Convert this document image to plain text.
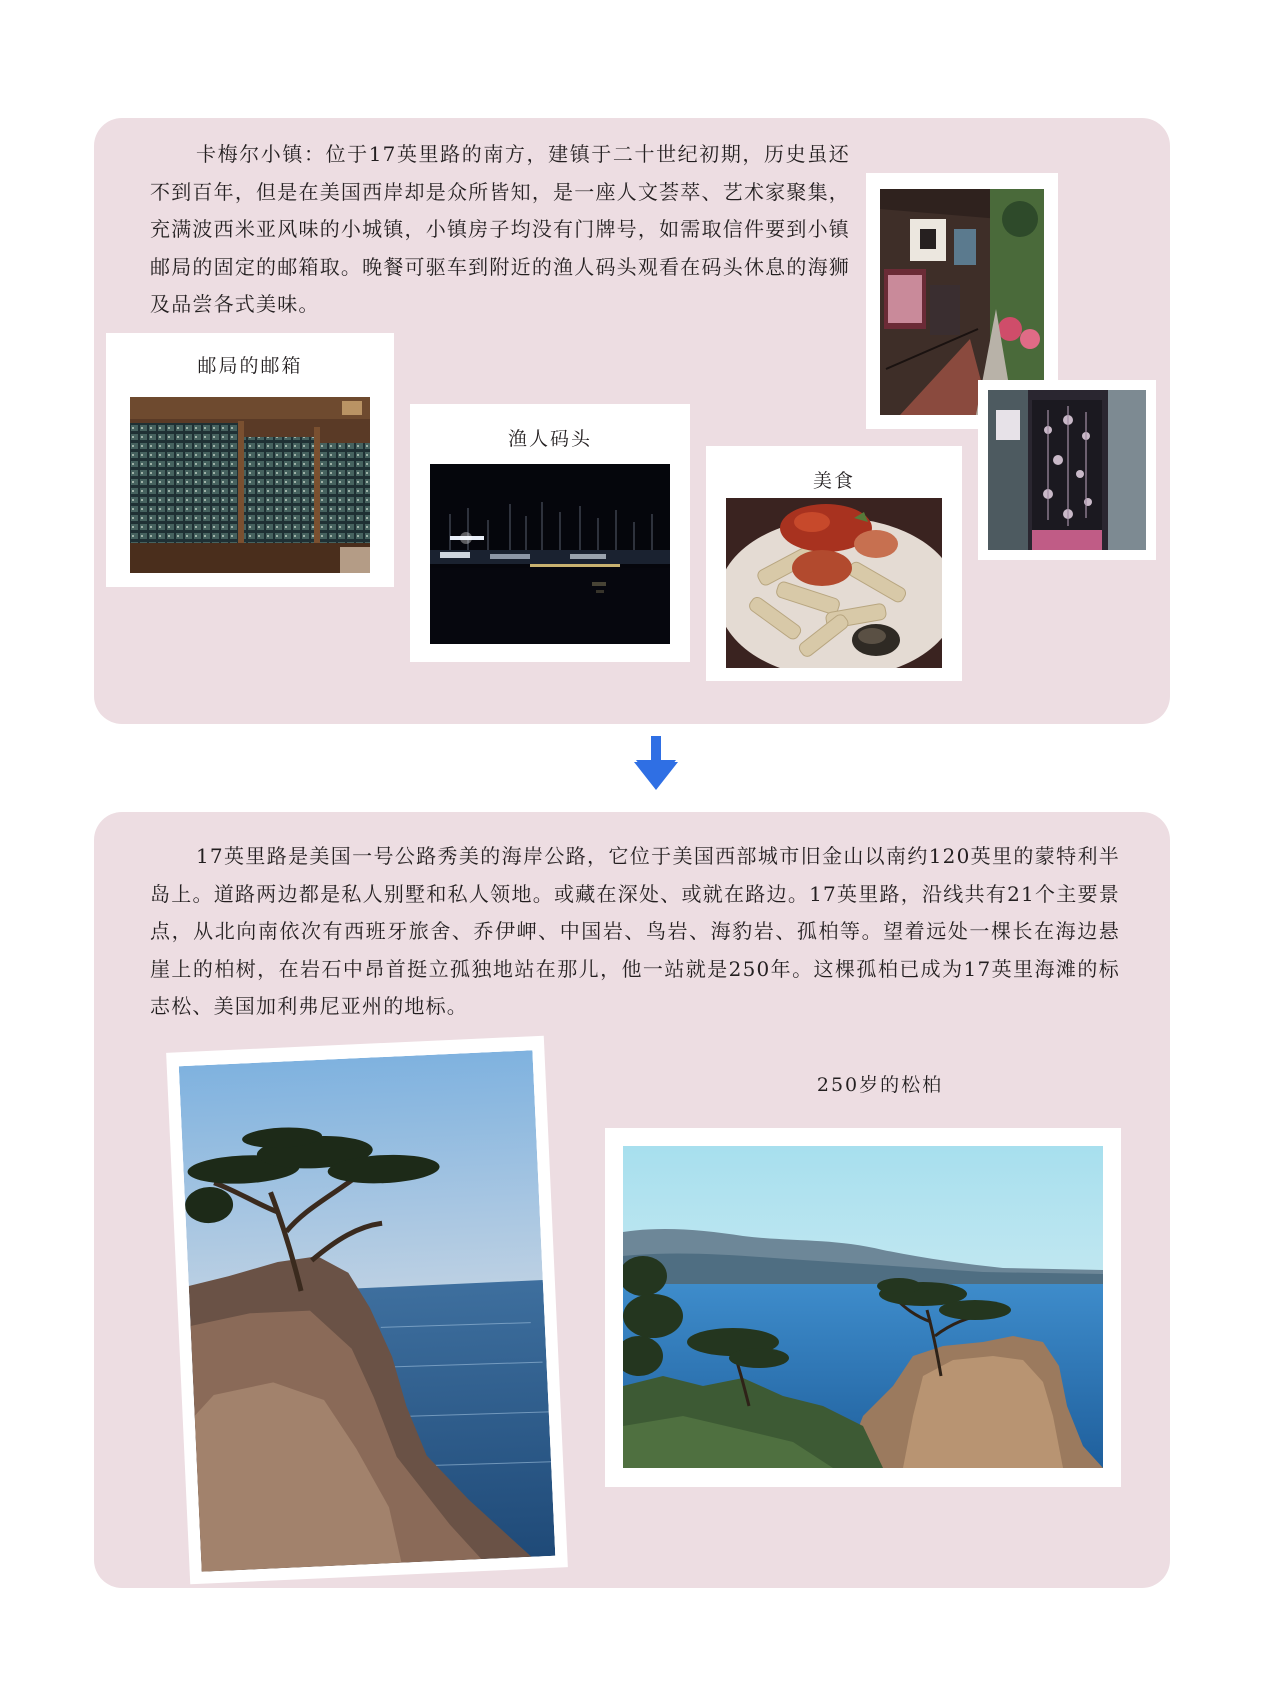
卡梅尔小镇：位于17英里路的南方，建镇于二十世纪初期，历史虽还不到百年，但是在美国西岸却是众所皆知，是一座人文荟萃、艺术家聚集，充满波西米亚风味的小城镇，小镇房子均没有门牌号，如需取信件要到小镇邮局的固定的邮箱取。晚餐可驱车到附近的渔人码头观看在码头休息的海狮及品尝各式美味。

邮局的邮箱
渔人码头
美食

17英里路是美国一号公路秀美的海岸公路，它位于美国西部城市旧金山以南约120英里的蒙特利半岛上。道路两边都是私人别墅和私人领地。或藏在深处、或就在路边。17英里路，沿线共有21个主要景点，从北向南依次有西班牙旅舍、乔伊岬、中国岩、鸟岩、海豹岩、孤柏等。望着远处一棵长在海边悬崖上的柏树，在岩石中昂首挺立孤独地站在那儿，他一站就是250年。这棵孤柏已成为17英里海滩的标志松、美国加利弗尼亚州的地标。

250岁的松柏
